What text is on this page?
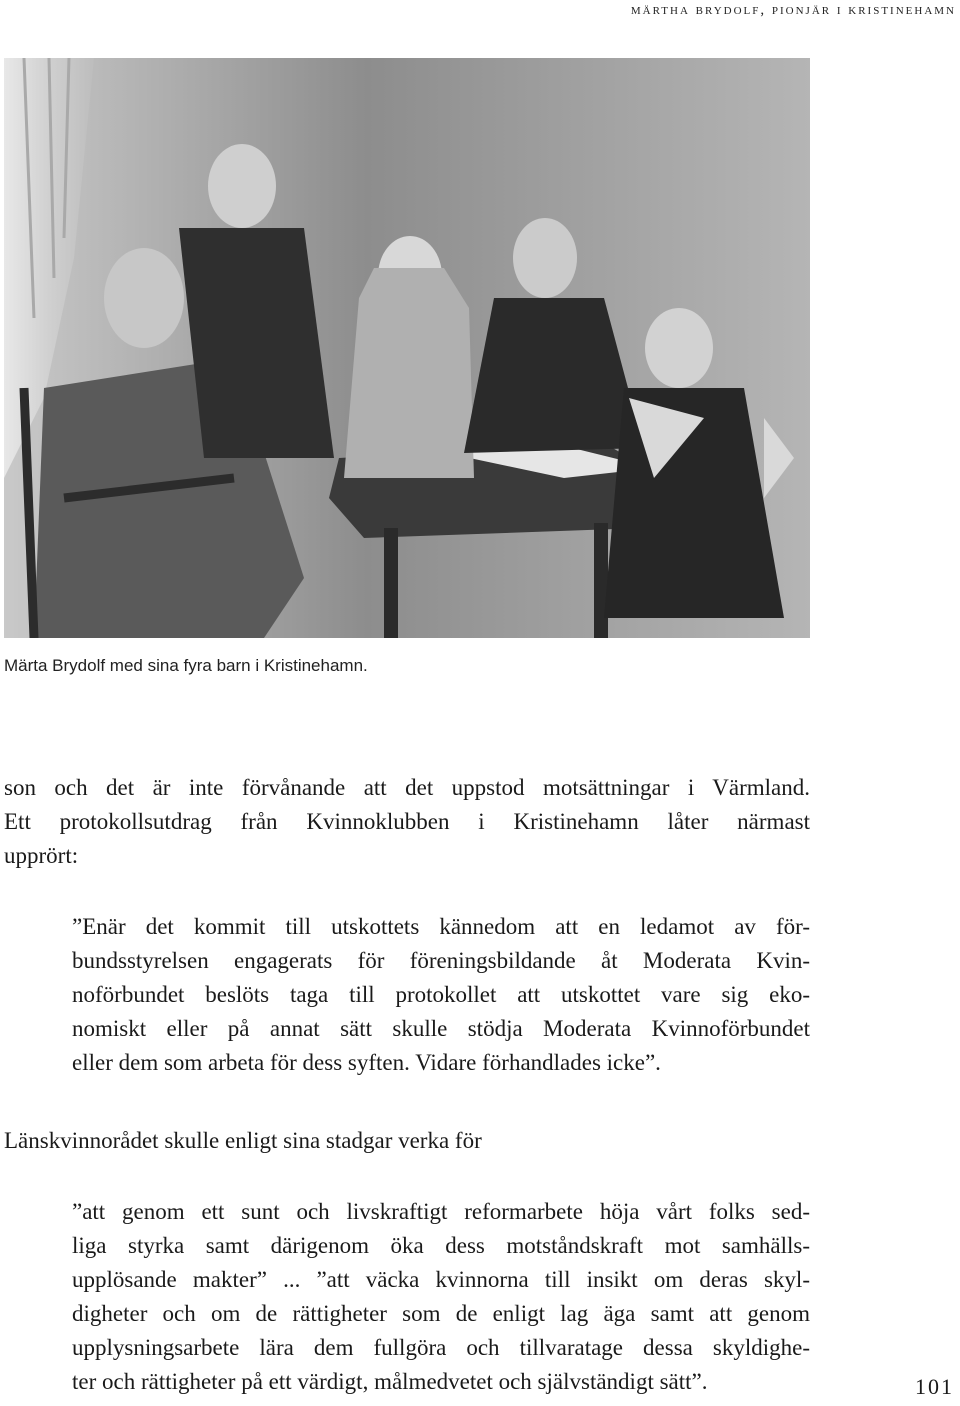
märtha brydolf, pionjär i kristinehamn
Märta Brydolf med sina fyra barn i Kristinehamn.

son och det är inte förvånande att det uppstod motsättningar i Värmland.
Ett protokollsutdrag från Kvinnoklubben i Kristinehamn låter närmast
upprört:

”Enär det kommit till utskottets kännedom att en ledamot av för-
bundsstyrelsen engagerats för föreningsbildande åt Moderata Kvin-
noförbundet beslöts taga till protokollet att utskottet vare sig eko-
nomiskt eller på annat sätt skulle stödja Moderata Kvinnoförbundet
eller dem som arbeta för dess syften. Vidare förhandlades icke”.

Länskvinnorådet skulle enligt sina stadgar verka för

”att genom ett sunt och livskraftigt reformarbete höja vårt folks sed-
liga styrka samt därigenom öka dess motståndskraft mot samhälls-
upplösande makter” ... ”att väcka kvinnorna till insikt om deras skyl-
digheter och om de rättigheter som de enligt lag äga samt att genom
upplysningsarbete lära dem fullgöra och tillvaratage dessa skyldighe-
ter och rättigheter på ett värdigt, målmedvetet och självständigt sätt”.	101
